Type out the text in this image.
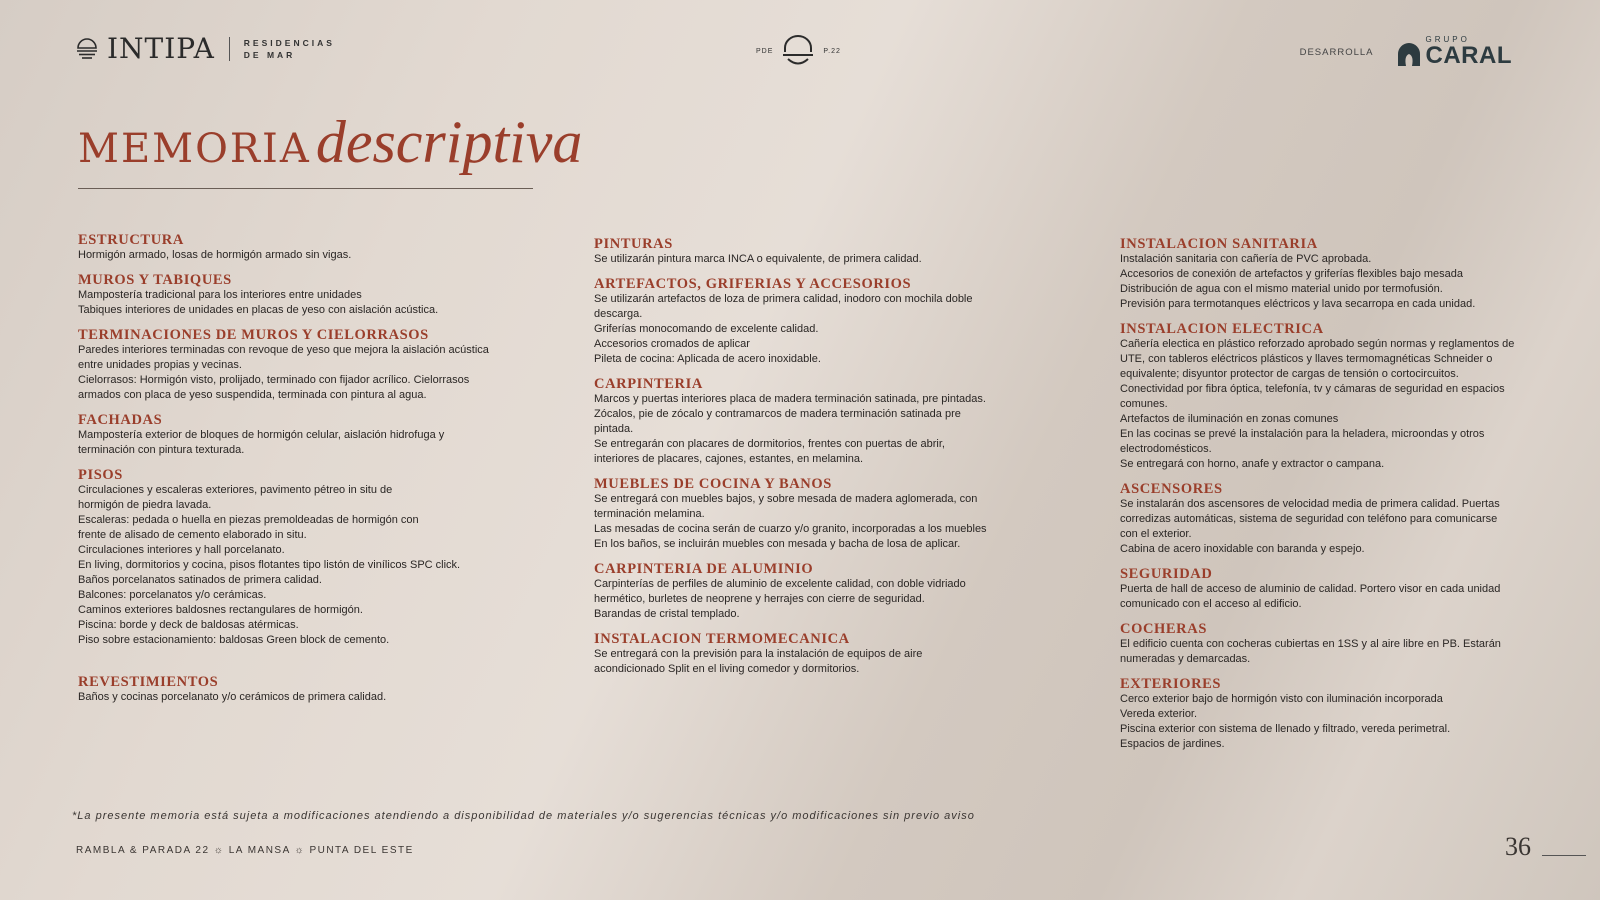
INTIPA	RESIDENCIAS
DE MAR	PDE	P.22	DESARROLLA
GRUPO
CARAL
MEMORIA descriptiva
ESTRUCTURA
Hormigón armado, losas de hormigón armado sin vigas.
MUROS Y TABIQUES
Mampostería tradicional para los interiores entre unidades
Tabiques interiores de unidades en placas de yeso con aislación acústica.
TERMINACIONES DE MUROS Y CIELORRASOS
Paredes interiores terminadas con revoque de yeso que mejora la aislación acústica
entre unidades propias y vecinas.
Cielorrasos: Hormigón visto, prolijado, terminado con fijador acrílico. Cielorrasos
armados con placa de yeso suspendida, terminada con pintura al agua.
FACHADAS
Mampostería exterior de bloques de hormigón celular, aislación hidrofuga y
terminación con pintura texturada.
PISOS
Circulaciones y escaleras exteriores, pavimento pétreo in situ de
hormigón de piedra lavada.
Escaleras: pedada o huella en piezas premoldeadas de hormigón con
frente de alisado de cemento elaborado in situ.
Circulaciones interiores y hall porcelanato.
En living, dormitorios y cocina, pisos flotantes tipo listón de vinílicos SPC click.
Baños porcelanatos satinados de primera calidad.
Balcones: porcelanatos y/o cerámicas.
Caminos exteriores baldosnes rectangulares de hormigón.
Piscina: borde y deck de baldosas atérmicas.
Piso sobre estacionamiento: baldosas Green block de cemento.
REVESTIMIENTOS
Baños y cocinas porcelanato y/o cerámicos de primera calidad.
PINTURAS
Se utilizarán pintura marca INCA o equivalente, de primera calidad.
ARTEFACTOS, GRIFERIAS Y ACCESORIOS
Se utilizarán artefactos de loza de primera calidad, inodoro con mochila doble
descarga.
Griferías monocomando de excelente calidad.
Accesorios cromados de aplicar
Pileta de cocina: Aplicada de acero inoxidable.
CARPINTERIA
Marcos y puertas interiores placa de madera terminación satinada, pre pintadas.
Zócalos, pie de zócalo y contramarcos de madera terminación satinada pre
pintada.
Se entregarán con placares de dormitorios, frentes con puertas de abrir,
interiores de placares, cajones, estantes, en melamina.
MUEBLES DE COCINA Y BANOS
Se entregará con muebles bajos, y sobre mesada de madera aglomerada, con
terminación melamina.
Las mesadas de cocina serán de cuarzo y/o granito, incorporadas a los muebles
En los baños, se incluirán muebles con mesada y bacha de losa de aplicar.
CARPINTERIA DE ALUMINIO
Carpinterías de perfiles de aluminio de excelente calidad, con doble vidriado
hermético, burletes de neoprene y herrajes con cierre de seguridad.
Barandas de cristal templado.
INSTALACION TERMOMECANICA
Se entregará con la previsión para la instalación de equipos de aire
acondicionado Split en el living comedor y dormitorios.
INSTALACION SANITARIA
Instalación sanitaria con cañería de PVC aprobada.
Accesorios de conexión de artefactos y griferías flexibles bajo mesada
Distribución de agua con el mismo material unido por termofusión.
Previsión para termotanques eléctricos y lava secarropa en cada unidad.
INSTALACION ELECTRICA
Cañería electica en plástico reforzado aprobado según normas y reglamentos de
UTE, con tableros eléctricos plásticos y llaves termomagnéticas Schneider o
equivalente; disyuntor protector de cargas de tensión o cortocircuitos.
Conectividad por fibra óptica, telefonía, tv y cámaras de seguridad en espacios
comunes.
Artefactos de iluminación en zonas comunes
En las cocinas se prevé la instalación para la heladera, microondas y otros
electrodomésticos.
Se entregará con horno, anafe y extractor o campana.
ASCENSORES
Se instalarán dos ascensores de velocidad media de primera calidad. Puertas
corredizas automáticas, sistema de seguridad con teléfono para comunicarse
con el exterior.
Cabina de acero inoxidable con baranda y espejo.
SEGURIDAD
Puerta de hall de acceso de aluminio de calidad. Portero visor en cada unidad
comunicado con el acceso al edificio.
COCHERAS
El edificio cuenta con cocheras cubiertas en 1SS y al aire libre en PB. Estarán
numeradas y demarcadas.
EXTERIORES
Cerco exterior bajo de hormigón visto con iluminación incorporada
Vereda exterior.
Piscina exterior con sistema de llenado y filtrado, vereda perimetral.
Espacios de jardines.
*La presente memoria está sujeta a modificaciones atendiendo a disponibilidad de materiales y/o sugerencias técnicas y/o modificaciones sin previo aviso
RAMBLA & PARADA 22 ☼ LA MANSA ☼ PUNTA DEL ESTE	36
